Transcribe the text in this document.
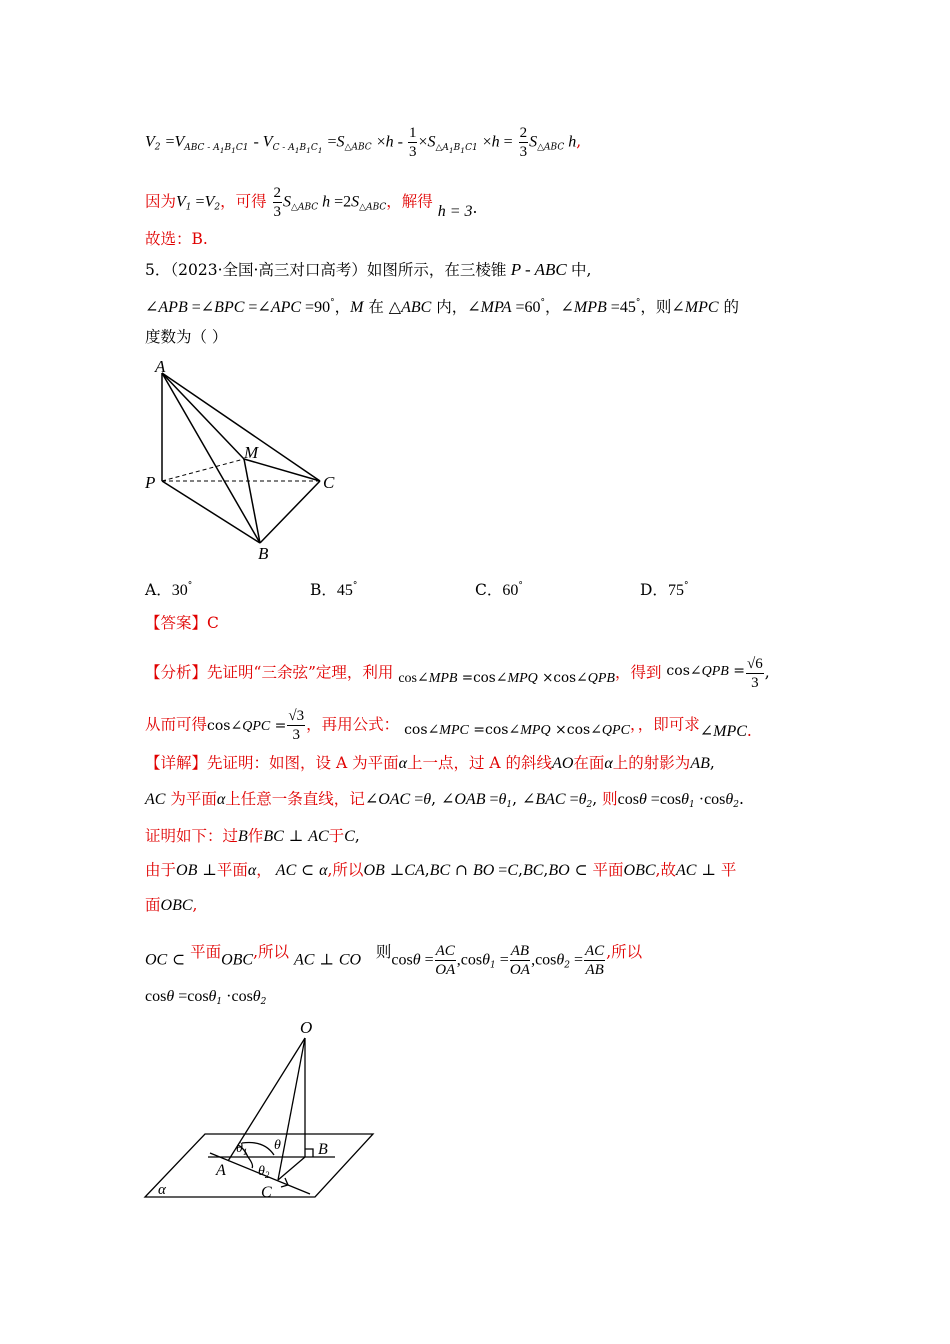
$V_2 =V_{ABC - A_1B_1C1} - V_{C - A_1B_1C_1} =S_{\triangle ABC} \times h - \frac{1}{3} \times S_{\triangle A_1B_1C1} \times h = \frac{2}{3} S_{\triangle ABC}$ h,
因为$V_1 =V_2$，可得 $\frac{2}{3} S_{\triangle ABC}$ $h =2S_{\triangle ABC}$，解得 h = 3.
故选：B.
5．（2023·全国·高三对口高考）如图所示，在三棱锥 P - ABC 中,
∠APB =∠BPC =∠APC =90°，M 在 △ABC 内，∠MPA =60°，∠MPB =45°，则∠MPC 的
度数为（ ）
A
M
P	C
B
A．30°	B．45°	C．60°	D．75°
【答案】C
【分析】先证明“三余弦”定理，利用 cos∠MPB =cos∠MPQ ×cos∠QPB，得到 cos∠QPB = $\frac{√6}{3}$ ,
从而可得cos∠QPC = $\frac{√3}{3}$ ，再用公式： cos∠MPC =cos∠MPQ ×cos∠QPC，，即可求∠MPC.
【详解】先证明：如图，设 A 为平面α上一点，过 A 的斜线AO在面α上的射影为AB,
AC 为平面α上任意一条直线，记∠OAC =θ, ∠OAB $=\theta_1$, ∠BAC $=\theta_2$, 则cosθ =cosθ$_1$ ·cosθ$_2$.
证明如下：过B作BC ⊥ AC于C,
由于OB ⊥平面α， AC ⊂ α,所以OB ⊥CA,BC ∩ BO =C,BC,BO ⊂ 平面OBC,故AC ⊥ 平
面OBC,
OC ⊂ 平面OBC,所以 AC ⊥ CO 则$\cos\theta = \frac{AC}{OA} ,\cos\theta_1 = \frac{AB}{OA} ,\cos\theta_2 = \frac{AC}{AB}$ ,所以
cosθ =cosθ$_1$ ·cosθ$_2$
O
$\theta_1$ θ B
A $\theta_2$
C
α
